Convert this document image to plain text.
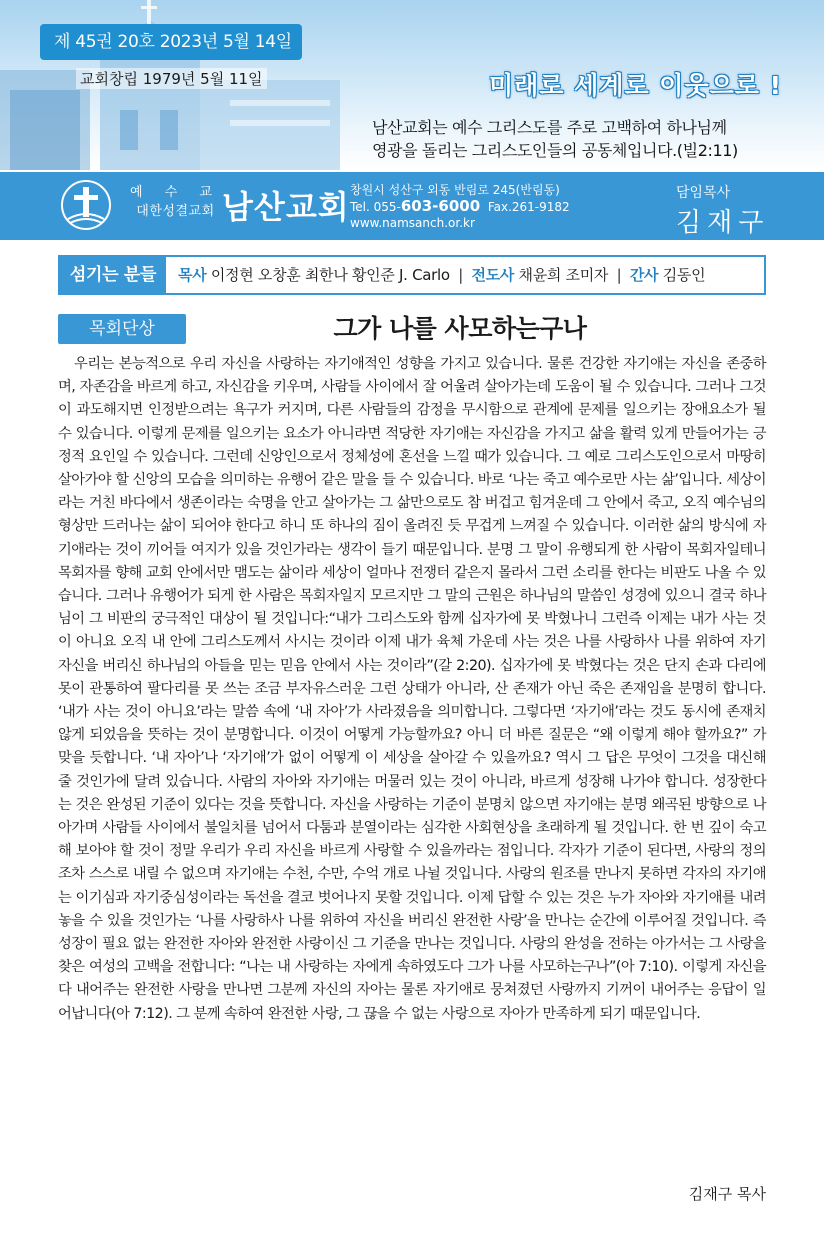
제 45권 20호 2023년 5월 14일
교회창립 1979년 5월 11일	미래로 세계로 이웃으로 !
남산교회는 예수 그리스도를 주로 고백하여 하나님께
영광을 돌리는 그리스도인들의 공동체입니다.(빌2:11)
예 수 교
대한성결교회 남산교회 창원시 성산구 외동 반림로 245(반림동)
Tel. 055-603-6000 Fax.261-9182
www.namsanch.or.kr
담임목사
김재구
섬기는 분들	목사 이정현 오창훈 최한나 황인준 J. Carlo | 전도사 채윤희 조미자 | 간사 김동인
목회단상	그가 나를 사모하는구나

우리는 본능적으로 우리 자신을 사랑하는 자기애적인 성향을 가지고 있습니다. 물론 건강한 자기애는 자신을 존중하며, 자존감을 바르게 하고, 자신감을 키우며, 사람들 사이에서 잘 어울려 살아가는데 도움이 될 수 있습니다. 그러나 그것이 과도해지면 인정받으려는 욕구가 커지며, 다른 사람들의 감정을 무시함으로 관계에 문제를 일으키는 장애요소가 될 수 있습니다. 이렇게 문제를 일으키는 요소가 아니라면 적당한 자기애는 자신감을 가지고 삶을 활력 있게 만들어가는 긍정적 요인일 수 있습니다. 그런데 신앙인으로서 정체성에 혼선을 느낄 때가 있습니다. 그 예로 그리스도인으로서 마땅히 살아가야 할 신앙의 모습을 의미하는 유행어 같은 말을 들 수 있습니다. 바로 ‘나는 죽고 예수로만 사는 삶’입니다. 세상이라는 거친 바다에서 생존이라는 숙명을 안고 살아가는 그 삶만으로도 참 버겁고 힘겨운데 그 안에서 죽고, 오직 예수님의 형상만 드러나는 삶이 되어야 한다고 하니 또 하나의 짐이 올려진 듯 무겁게 느껴질 수 있습니다. 이러한 삶의 방식에 자기애라는 것이 끼어들 여지가 있을 것인가라는 생각이 들기 때문입니다. 분명 그 말이 유행되게 한 사람이 목회자일테니 목회자를 향해 교회 안에서만 맴도는 삶이라 세상이 얼마나 전쟁터 같은지 몰라서 그런 소리를 한다는 비판도 나올 수 있습니다. 그러나 유행어가 되게 한 사람은 목회자일지 모르지만 그 말의 근원은 하나님의 말씀인 성경에 있으니 결국 하나님이 그 비판의 궁극적인 대상이 될 것입니다:“내가 그리스도와 함께 십자가에 못 박혔나니 그런즉 이제는 내가 사는 것이 아니요 오직 내 안에 그리스도께서 사시는 것이라 이제 내가 육체 가운데 사는 것은 나를 사랑하사 나를 위하여 자기 자신을 버리신 하나님의 아들을 믿는 믿음 안에서 사는 것이라”(갈 2:20). 십자가에 못 박혔다는 것은 단지 손과 다리에 못이 관통하여 팔다리를 못 쓰는 조금 부자유스러운 그런 상태가 아니라, 산 존재가 아닌 죽은 존재임을 분명히 합니다. ‘내가 사는 것이 아니요’라는 말씀 속에 ‘내 자아’가 사라졌음을 의미합니다. 그렇다면 ‘자기애’라는 것도 동시에 존재치 않게 되었음을 뜻하는 것이 분명합니다. 이것이 어떻게 가능할까요? 아니 더 바른 질문은 “왜 이렇게 해야 할까요?” 가 맞을 듯합니다. ‘내 자아’나 ‘자기애’가 없이 어떻게 이 세상을 살아갈 수 있을까요? 역시 그 답은 무엇이 그것을 대신해 줄 것인가에 달려 있습니다. 사람의 자아와 자기애는 머물러 있는 것이 아니라, 바르게 성장해 나가야 합니다. 성장한다는 것은 완성된 기준이 있다는 것을 뜻합니다. 자신을 사랑하는 기준이 분명치 않으면 자기애는 분명 왜곡된 방향으로 나아가며 사람들 사이에서 불일치를 넘어서 다툼과 분열이라는 심각한 사회현상을 초래하게 될 것입니다. 한 번 깊이 숙고해 보아야 할 것이 정말 우리가 우리 자신을 바르게 사랑할 수 있을까라는 점입니다. 각자가 기준이 된다면, 사랑의 정의조차 스스로 내릴 수 없으며 자기애는 수천, 수만, 수억 개로 나뉠 것입니다. 사랑의 원조를 만나지 못하면 각자의 자기애는 이기심과 자기중심성이라는 독선을 결코 벗어나지 못할 것입니다. 이제 답할 수 있는 것은 누가 자아와 자기애를 내려놓을 수 있을 것인가는 ‘나를 사랑하사 나를 위하여 자신을 버리신 완전한 사랑’을 만나는 순간에 이루어질 것입니다. 즉 성장이 필요 없는 완전한 자아와 완전한 사랑이신 그 기준을 만나는 것입니다. 사랑의 완성을 전하는 아가서는 그 사랑을 찾은 여성의 고백을 전합니다: “나는 내 사랑하는 자에게 속하였도다 그가 나를 사모하는구나”(아 7:10). 이렇게 자신을 다 내어주는 완전한 사랑을 만나면 그분께 자신의 자아는 물론 자기애로 뭉쳐졌던 사랑까지 기꺼이 내어주는 응답이 일어납니다(아 7:12). 그 분께 속하여 완전한 사랑, 그 끊을 수 없는 사랑으로 자아가 만족하게 되기 때문입니다.

김재구 목사
